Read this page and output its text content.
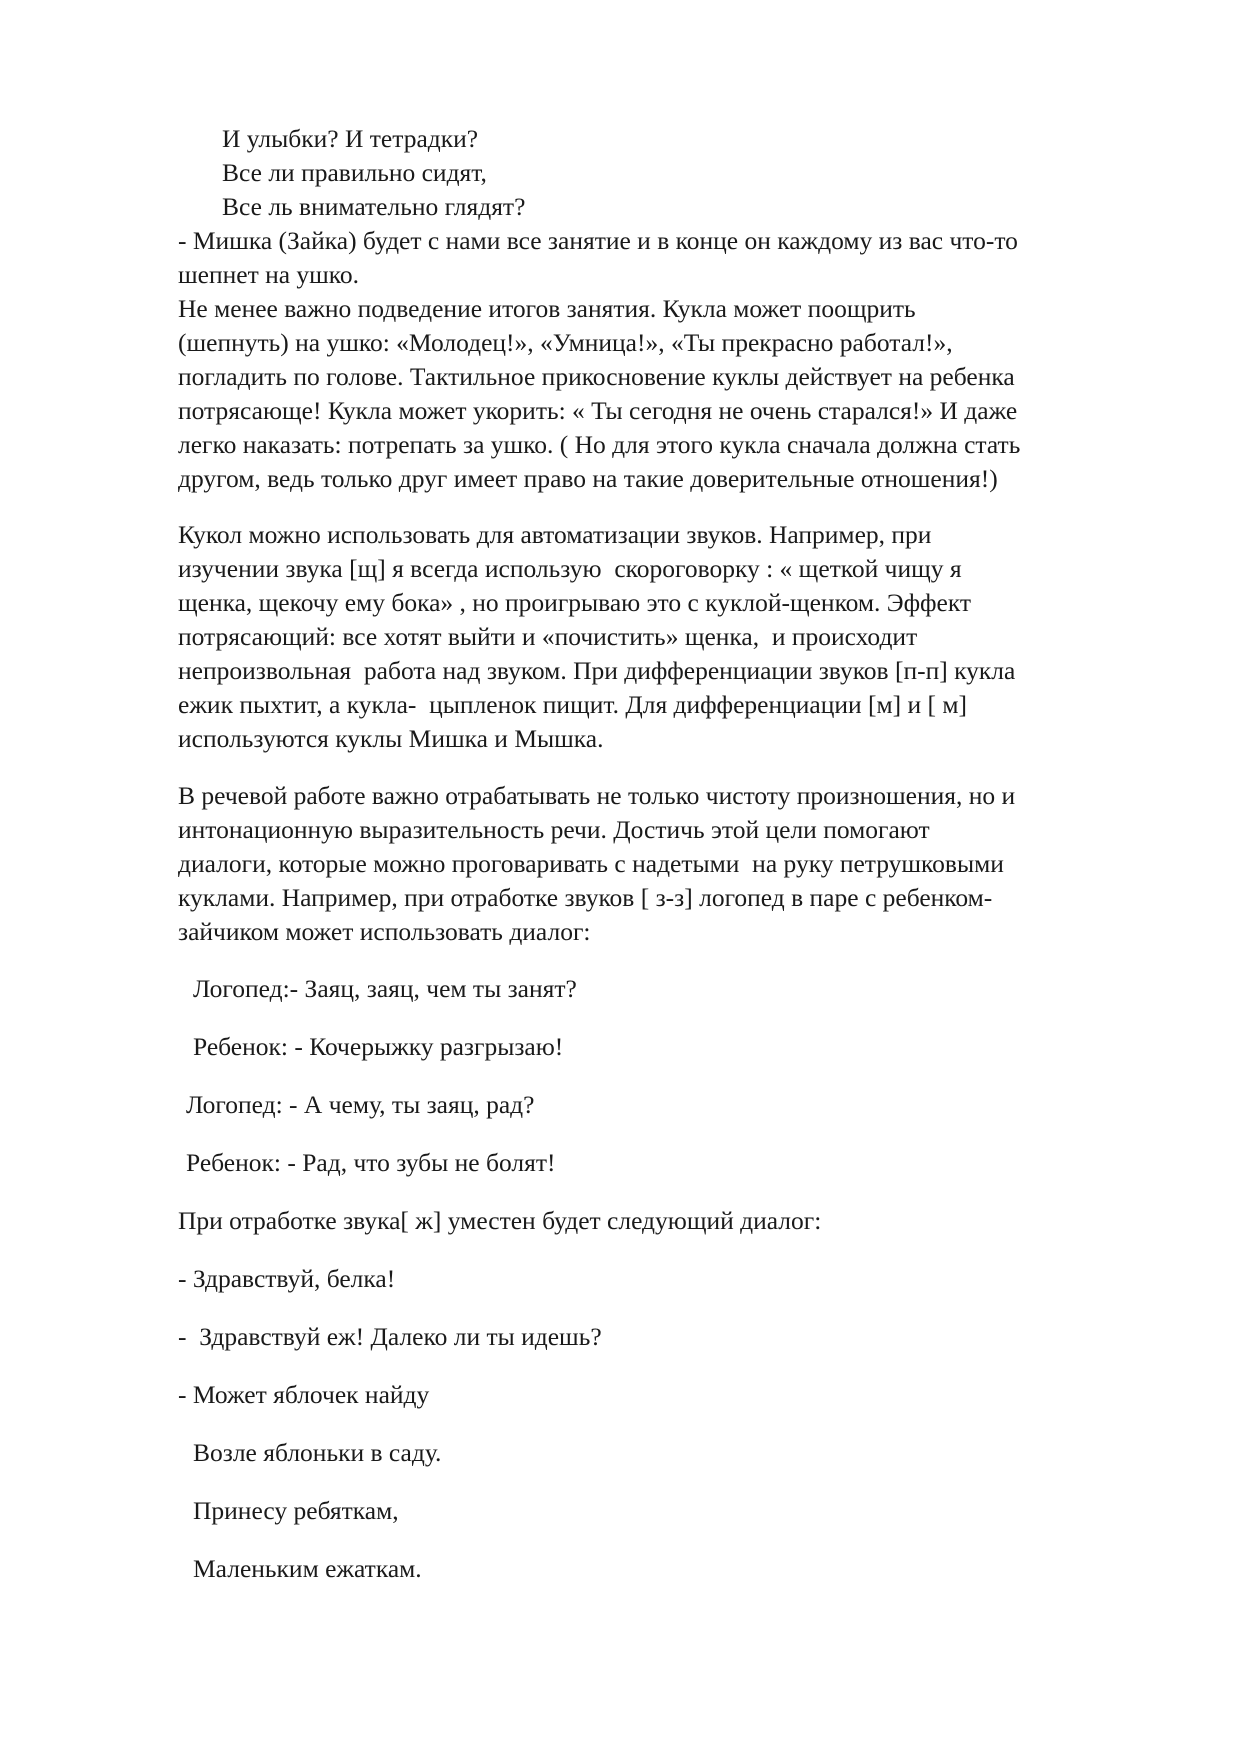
И улыбки? И тетрадки?
Все ли правильно сидят,
Все ль внимательно глядят?
- Мишка (Зайка) будет с нами все занятие и в конце он каждому из вас что-то
шепнет на ушко.
Не менее важно подведение итогов занятия. Кукла может поощрить
(шепнуть) на ушко: «Молодец!», «Умница!», «Ты прекрасно работал!»,
погладить по голове. Тактильное прикосновение куклы действует на ребенка
потрясающе! Кукла может укорить: « Ты сегодня не очень старался!» И даже
легко наказать: потрепать за ушко. ( Но для этого кукла сначала должна стать
другом, ведь только друг имеет право на такие доверительные отношения!)
Кукол можно использовать для автоматизации звуков. Например, при
изучении звука [щ] я всегда использую  скороговорку : « щеткой чищу я
щенка, щекочу ему бока» , но проигрываю это с куклой-щенком. Эффект
потрясающий: все хотят выйти и «почистить» щенка,  и происходит
непроизвольная  работа над звуком. При дифференциации звуков [п-п] кукла
ежик пыхтит, а кукла-  цыпленок пищит. Для дифференциации [м] и [ м]
используются куклы Мишка и Мышка.
В речевой работе важно отрабатывать не только чистоту произношения, но и
интонационную выразительность речи. Достичь этой цели помогают
диалоги, которые можно проговаривать с надетыми  на руку петрушковыми
куклами. Например, при отработке звуков [ з-з] логопед в паре с ребенком-
зайчиком может использовать диалог:
Логопед:- Заяц, заяц, чем ты занят?
Ребенок: - Кочерыжку разгрызаю!
Логопед: - А чему, ты заяц, рад?
Ребенок: - Рад, что зубы не болят!
При отработке звука[ ж] уместен будет следующий диалог:
- Здравствуй, белка!
-  Здравствуй еж! Далеко ли ты идешь?
- Может яблочек найду
Возле яблоньки в саду.
Принесу ребяткам,
Маленьким ежаткам.
